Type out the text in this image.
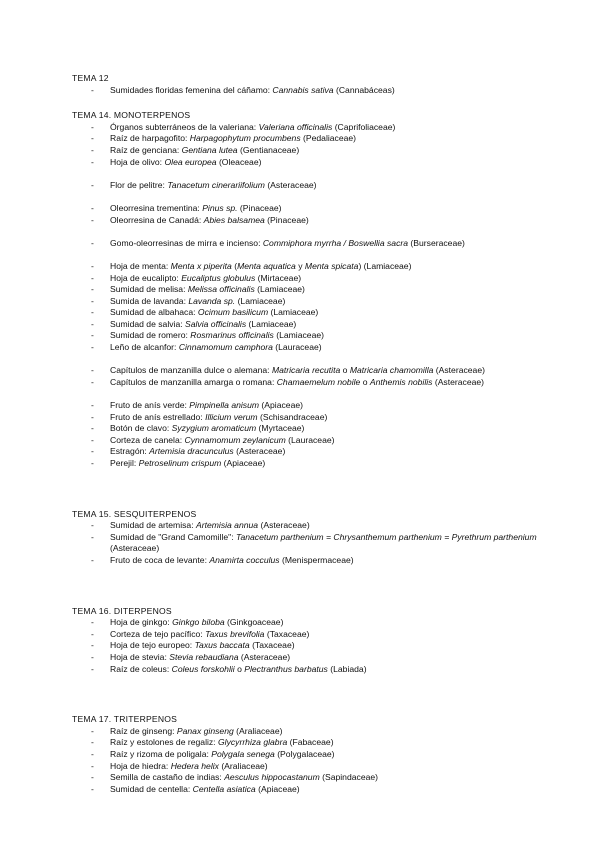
TEMA 12
- Sumidades floridas femenina del cáñamo: Cannabis sativa (Cannabáceas)
TEMA 14. MONOTERPENOS
- Órganos subterráneos de la valeriana: Valeriana officinalis (Caprifoliaceae)
- Raíz de harpagofito: Harpagophytum procumbens (Pedaliaceae)
- Raíz de genciana: Gentiana lutea (Gentianaceae)
- Hoja de olivo: Olea europea (Oleaceae)
- Flor de pelitre: Tanacetum cinerariifolium (Asteraceae)
- Oleorresina trementina: Pinus sp. (Pinaceae)
- Oleorresina de Canadá: Abies balsamea (Pinaceae)
- Gomo-oleorresinas de mirra e incienso: Commiphora myrrha / Boswellia sacra (Burseraceae)
- Hoja de menta: Menta x piperita (Menta aquatica y Menta spicata) (Lamiaceae)
- Hoja de eucalipto: Eucaliptus globulus (Mirtaceae)
- Sumidad de melisa: Melissa officinalis (Lamiaceae)
- Sumida de lavanda: Lavanda sp. (Lamiaceae)
- Sumidad de albahaca: Ocimum basilicum (Lamiaceae)
- Sumidad de salvia: Salvia officinalis (Lamiaceae)
- Sumidad de romero: Rosmarinus officinalis (Lamiaceae)
- Leño de alcanfor: Cinnamomum camphora (Lauraceae)
- Capítulos de manzanilla dulce o alemana: Matricaria recutita o Matricaria chamomilla (Asteraceae)
- Capítulos de manzanilla amarga o romana: Chamaemelum nobile o Anthemis nobilis (Asteraceae)
- Fruto de anís verde: Pimpinella anisum (Apiaceae)
- Fruto de anís estrellado: Illicium verum (Schisandraceae)
- Botón de clavo: Syzygium aromaticum (Myrtaceae)
- Corteza de canela: Cynnamomum zeylanicum (Lauraceae)
- Estragón: Artemisia dracunculus (Asteraceae)
- Perejil: Petroselinum crispum (Apiaceae)
TEMA 15. SESQUITERPENOS
- Sumidad de artemisa: Artemisia annua (Asteraceae)
- Sumidad de "Grand Camomille": Tanacetum parthenium = Chrysanthemum parthenium = Pyrethrum parthenium (Asteraceae)
- Fruto de coca de levante: Anamirta cocculus (Menispermaceae)
TEMA 16. DITERPENOS
- Hoja de ginkgo: Ginkgo biloba (Ginkgoaceae)
- Corteza de tejo pacífico: Taxus brevifolia (Taxaceae)
- Hoja de tejo europeo: Taxus baccata (Taxaceae)
- Hoja de stevia: Stevia rebaudiana (Asteraceae)
- Raíz de coleus: Coleus forskohlii o Plectranthus barbatus (Labiada)
TEMA 17. TRITERPENOS
- Raíz de ginseng: Panax ginseng (Araliaceae)
- Raíz y estolones de regaliz: Glycyrrhiza glabra (Fabaceae)
- Raíz y rizoma de poligala: Polygala senega (Polygalaceae)
- Hoja de hiedra: Hedera helix (Araliaceae)
- Semilla de castaño de indias: Aesculus hippocastanum (Sapindaceae)
- Sumidad de centella: Centella asiatica (Apiaceae)
